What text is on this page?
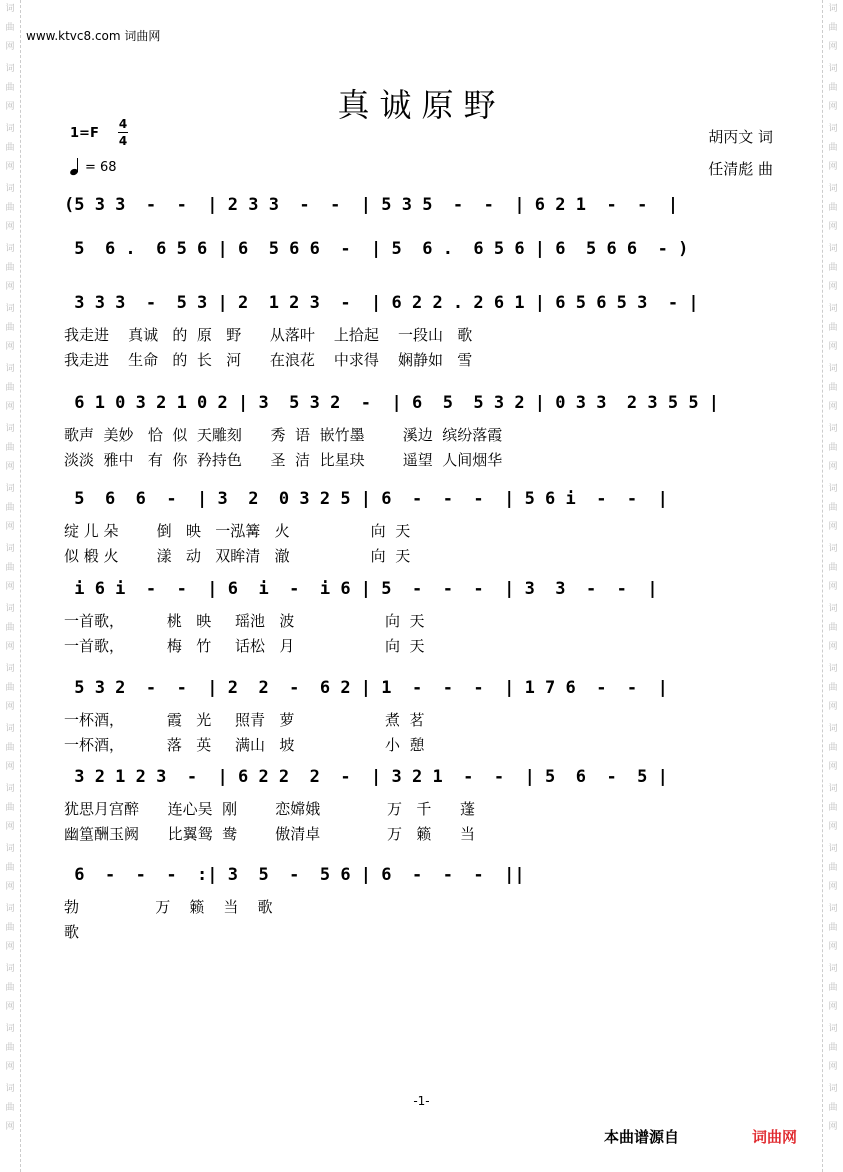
词
曲
网
词
曲
网
词
曲
网
词
曲
网
词
曲
网
词
曲
网
词
曲
网
词
曲
网
词
曲
网
词
曲
网
词
曲
网
词
曲
网
词
曲
网
词
曲
网
词
曲
网
词
曲
网
词
曲
网
词
曲
网
词
曲
网
词
曲
网
词
曲
网
词
曲
网
词
曲
网
词
曲
网
词
曲
网
词
曲
网
词
曲
网
词
曲
网
词
曲
网
词
曲
网
词
曲
网
词
曲
网
词
曲
网
词
曲
网
词
曲
网
词
曲
网
词
曲
网
词
曲
网
www.ktvc8.com 词曲网
真诚原野
1=F
4
4
= 68
胡丙文 词
任清彪 曲
(5 3 3  -  -  | 2 3 3  -  -  | 5 3 5  -  -  | 6 2 1  -  -  |
5  6 .  6 5 6 | 6  5 6 6  -  | 5  6 .  6 5 6 | 6  5 6 6  - )
3 3 3  -  5 3 | 2  1 2 3  -  | 6 2 2 . 2 6 1 | 6 5 6 5 3  - |
我走进    真诚   的  原   野      从落叶    上拾起    一段山   歌
我走进    生命   的  长   河      在浪花    中求得    娴静如   雪
6 1 0 3 2 1 0 2 | 3  5 3 2  -  | 6  5  5 3 2 | 0 3 3  2 3 5 5 |
歌声  美妙   恰  似  天雕刻      秀  语  嵌竹墨        溪边  缤纷落霞
淡淡  雅中   有  你  矜持色      圣  洁  比星玦        遥望  人间烟华
5  6  6  -  | 3  2  0 3 2 5 | 6  -  -  -  | 5 6 i  -  -  |
绽 儿 朵        倒   映   一泓篝   火                 向  天
似 椴 火        漾   动   双眸清   澈                 向  天
i 6 i  -  -  | 6  i  -  i 6 | 5  -  -  -  | 3  3  -  -  |
一首歌，         桃   映     瑶池   波                   向  天
一首歌，         梅   竹     话松   月                   向  天
5 3 2  -  -  | 2  2  -  6 2 | 1  -  -  -  | 1 7 6  -  -  |
一杯酒，         霞   光     照青   萝                   煮  茗
一杯酒，         落   英     满山   坡                   小  憩
3 2 1 2 3  -  | 6 2 2  2  -  | 3 2 1  -  -  | 5  6  -  5 |
犹思月宫醉      连心吴  刚        恋嫦娥              万   千      蓬
幽篁酬玉阙      比翼鸳  鸯        傲清卓              万   籁      当
6  -  -  -  :| 3  5  -  5 6 | 6  -  -  -  ||
勃                万    籁    当    歌
歌
-1-
本曲谱源自	词曲网
